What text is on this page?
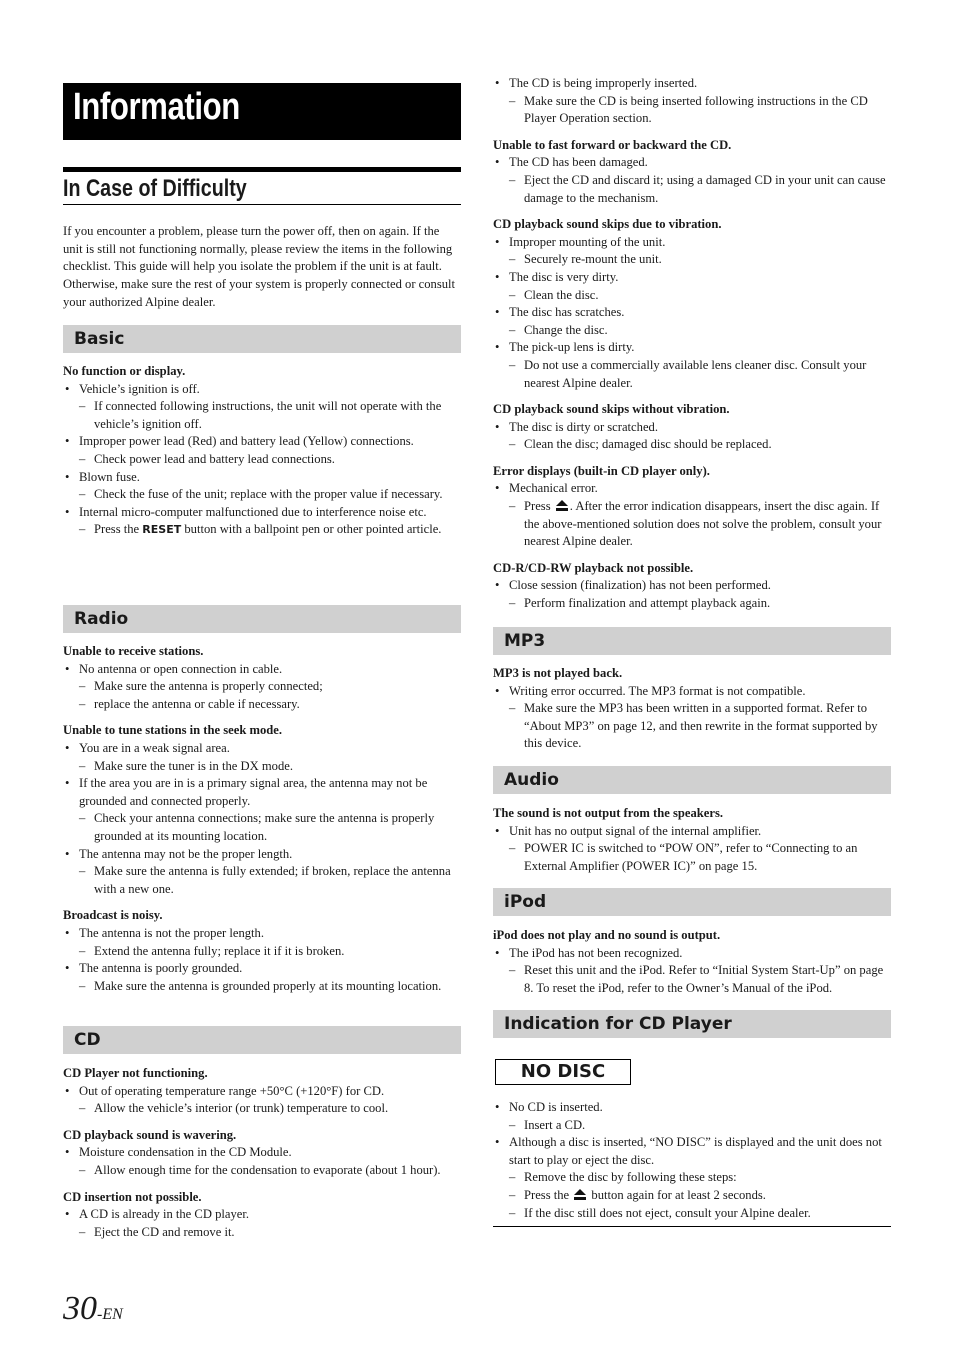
Information
In Case of Difficulty
If you encounter a problem, please turn the power off, then on again. If the unit is still not functioning normally, please review the items in the following checklist. This guide will help you isolate the problem if the unit is at fault. Otherwise, make sure the rest of your system is properly connected or consult your authorized Alpine dealer.
Basic

No function or display.

• Vehicle’s ignition is off.

– If connected following instructions, the unit will not operate with the vehicle’s ignition off.

• Improper power lead (Red) and battery lead (Yellow) connections.

– Check power lead and battery lead connections.

• Blown fuse.

– Check the fuse of the unit; replace with the proper value if necessary.

• Internal micro-computer malfunctioned due to interference noise etc.

– Press the RESET button with a ballpoint pen or other pointed article.

Radio

Unable to receive stations.

• No antenna or open connection in cable.

– Make sure the antenna is properly connected;

– replace the antenna or cable if necessary.

Unable to tune stations in the seek mode.

• You are in a weak signal area.

– Make sure the tuner is in the DX mode.

• If the area you are in is a primary signal area, the antenna may not be grounded and connected properly.

– Check your antenna connections; make sure the antenna is properly grounded at its mounting location.

• The antenna may not be the proper length.

– Make sure the antenna is fully extended; if broken, replace the antenna with a new one.

Broadcast is noisy.

• The antenna is not the proper length.

– Extend the antenna fully; replace it if it is broken.

• The antenna is poorly grounded.

– Make sure the antenna is grounded properly at its mounting location.

CD

CD Player not functioning.

• Out of operating temperature range +50°C (+120°F) for CD.

– Allow the vehicle’s interior (or trunk) temperature to cool.

CD playback sound is wavering.

• Moisture condensation in the CD Module.

– Allow enough time for the condensation to evaporate (about 1 hour).

CD insertion not possible.

• A CD is already in the CD player.

– Eject the CD and remove it.

• The CD is being improperly inserted.

– Make sure the CD is being inserted following instructions in the CD Player Operation section.

Unable to fast forward or backward the CD.

• The CD has been damaged.

– Eject the CD and discard it; using a damaged CD in your unit can cause damage to the mechanism.

CD playback sound skips due to vibration.

• Improper mounting of the unit.

– Securely re-mount the unit.

• The disc is very dirty.

– Clean the disc.

• The disc has scratches.

– Change the disc.

• The pick-up lens is dirty.

– Do not use a commercially available lens cleaner disc. Consult your nearest Alpine dealer.

CD playback sound skips without vibration.

• The disc is dirty or scratched.

– Clean the disc; damaged disc should be replaced.

Error displays (built-in CD player only).

• Mechanical error.

– Press . After the error indication disappears, insert the disc again. If the above-mentioned solution does not solve the problem, consult your nearest Alpine dealer.

CD-R/CD-RW playback not possible.

• Close session (finalization) has not been performed.

– Perform finalization and attempt playback again.

MP3

MP3 is not played back.

• Writing error occurred. The MP3 format is not compatible.

– Make sure the MP3 has been written in a supported format. Refer to “About MP3” on page 12, and then rewrite in the format supported by this device.

Audio

The sound is not output from the speakers.

• Unit has no output signal of the internal amplifier.

– POWER IC is switched to “POW ON”, refer to “Connecting to an External Amplifier (POWER IC)” on page 15.

iPod

iPod does not play and no sound is output.

• The iPod has not been recognized.

– Reset this unit and the iPod. Refer to “Initial System Start-Up” on page 8. To reset the iPod, refer to the Owner’s Manual of the iPod.

Indication for CD Player
NO DISC

• No CD is inserted.

– Insert a CD.

• Although a disc is inserted, “NO DISC” is displayed and the unit does not start to play or eject the disc.

– Remove the disc by following these steps:

– Press the  button again for at least 2 seconds.

– If the disc still does not eject, consult your Alpine dealer.

30-EN
